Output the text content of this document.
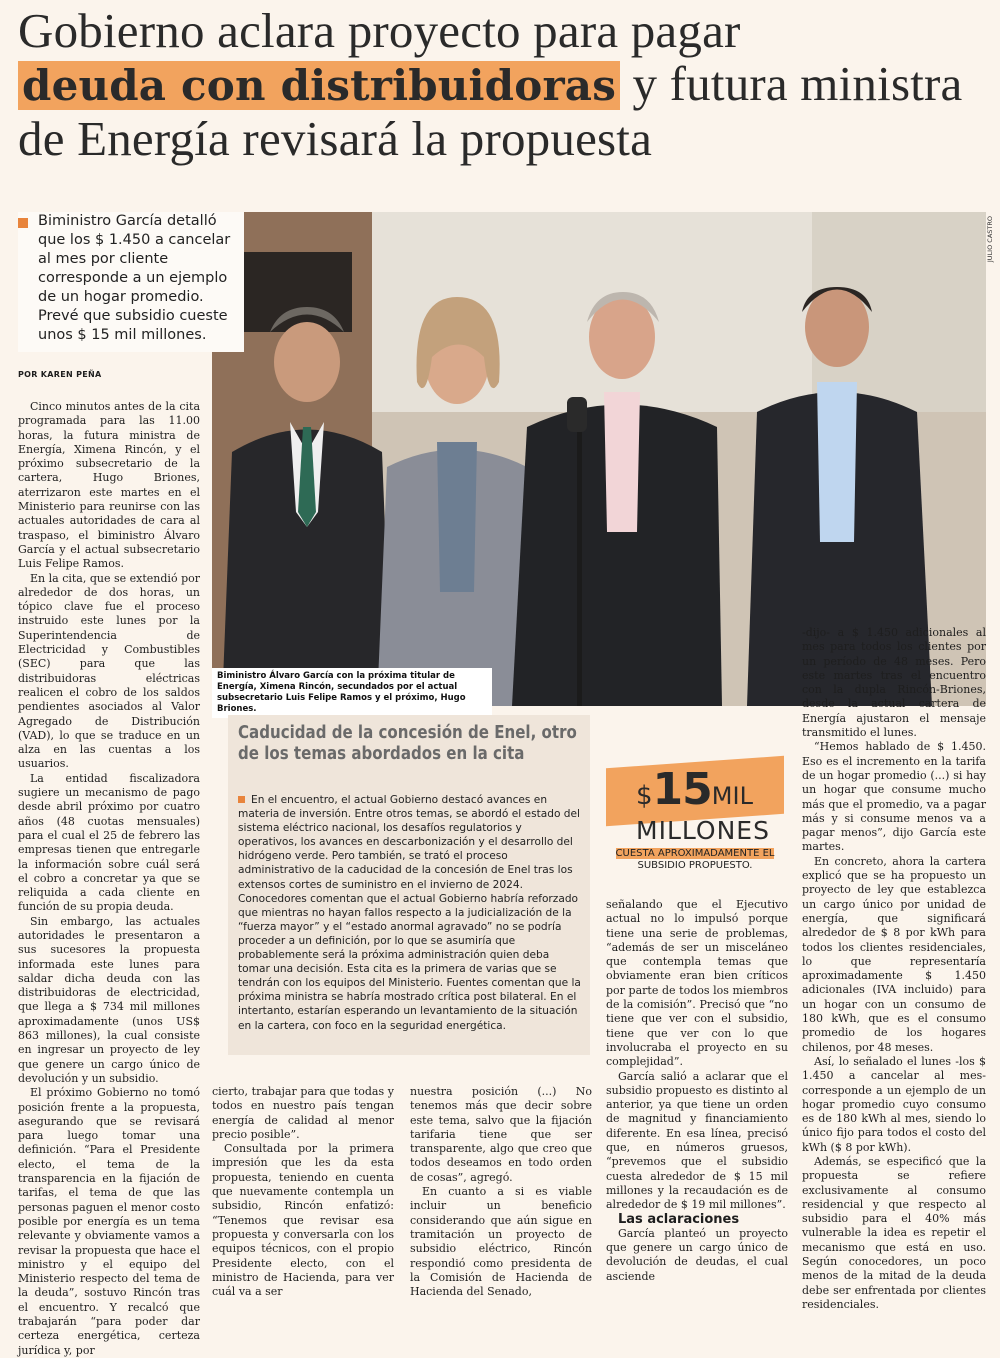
Gobierno aclara proyecto para pagar
deuda con distribuidoras y futura ministra de Energía revisará la propuesta
JULIO CASTRO
Biministro Álvaro García con la próxima titular de Energía, Ximena Rincón, secundados por el actual subsecretario Luis Felipe Ramos y el próximo, Hugo Briones.

Biministro García detalló que los $ 1.450 a cancelar al mes por cliente corresponde a un ejemplo de un hogar promedio. Prevé que subsidio cueste unos $ 15 mil millones.

POR KAREN PEÑA

Cinco minutos antes de la cita programada para las 11.00 horas, la futura ministra de Energía, Ximena Rincón, y el próximo subsecretario de la cartera, Hugo Briones, aterrizaron este martes en el Ministerio para reunirse con las actuales autoridades de cara al traspaso, el biministro Álvaro García y el actual subsecretario Luis Felipe Ramos.

En la cita, que se extendió por alrededor de dos horas, un tópico clave fue el proceso instruido este lunes por la Superintendencia de Electricidad y Combustibles (SEC) para que las distribuidoras eléctricas realicen el cobro de los saldos pendientes asociados al Valor Agregado de Distribución (VAD), lo que se traduce en un alza en las cuentas a los usuarios.

La entidad fiscalizadora sugiere un mecanismo de pago desde abril próximo por cuatro años (48 cuotas mensuales) para el cual el 25 de febrero las empresas tienen que entregarle la información sobre cuál será el cobro a concretar ya que se reliquida a cada cliente en función de su propia deuda.

Sin embargo, las actuales autoridades le presentaron a sus sucesores la propuesta informada este lunes para saldar dicha deuda con las distribuidoras de electricidad, que llega a $ 734 mil millones aproximadamente (unos US$ 863 millones), la cual consiste en ingresar un proyecto de ley que genere un cargo único de devolución y un subsidio.

El próximo Gobierno no tomó posición frente a la propuesta, asegurando que se revisará para luego tomar una definición. “Para el Presidente electo, el tema de la transparencia en la fijación de tarifas, el tema de que las personas paguen el menor costo posible por energía es un tema relevante y obviamente vamos a revisar la propuesta que hace el ministro y el equipo del Ministerio respecto del tema de la deuda”, sostuvo Rincón tras el encuentro. Y recalcó que trabajarán “para poder dar certeza energética, certeza jurídica y, por

Caducidad de la concesión de Enel, otro de los temas abordados en la cita
En el encuentro, el actual Gobierno destacó avances en materia de inversión. Entre otros temas, se abordó el estado del sistema eléctrico nacional, los desafíos regulatorios y operativos, los avances en descarbonización y el desarrollo del hidrógeno verde. Pero también, se trató el proceso administrativo de la caducidad de la concesión de Enel tras los extensos cortes de suministro en el invierno de 2024. Conocedores comentan que el actual Gobierno habría reforzado que mientras no hayan fallos respecto a la judicialización de la “fuerza mayor” y el “estado anormal agravado” no se podría proceder a un definición, por lo que se asumiría que probablemente será la próxima administración quien deba tomar una decisión. Esta cita es la primera de varias que se tendrán con los equipos del Ministerio. Fuentes comentan que la próxima ministra se habría mostrado crítica post bilateral. En el intertanto, estarían esperando un levantamiento de la situación en la cartera, con foco en la seguridad energética.
$15MIL
MILLONES
CUESTA APROXIMADAMENTE EL
SUBSIDIO PROPUESTO.

cierto, trabajar para que todas y todos en nuestro país tengan energía de calidad al menor precio posible”.

Consultada por la primera impresión que les da esta propuesta, teniendo en cuenta que nuevamente contempla un subsidio, Rincón enfatizó: “Tenemos que revisar esa propuesta y conversarla con los equipos técnicos, con el propio Presidente electo, con el ministro de Hacienda, para ver cuál va a ser

nuestra posición (...) No tenemos más que decir sobre este tema, salvo que la fijación tarifaria tiene que ser transparente, algo que creo que todos deseamos en todo orden de cosas”, agregó.

En cuanto a si es viable incluir un beneficio considerando que aún sigue en tramitación un proyecto de subsidio eléctrico, Rincón respondió como presidenta de la Comisión de Hacienda de Hacienda del Senado,

señalando que el Ejecutivo actual no lo impulsó porque tiene una serie de problemas, “además de ser un misceláneo que contempla temas que obviamente eran bien críticos por parte de todos los miembros de la comisión”. Precisó que “no tiene que ver con el subsidio, tiene que ver con lo que involucraba el proyecto en su complejidad”.

García salió a aclarar que el subsidio propuesto es distinto al anterior, ya que tiene un orden de magnitud y financiamiento diferente. En esa línea, precisó que, en números gruesos, “prevemos que el subsidio cuesta alrededor de $ 15 mil millones y la recaudación es de alrededor de $ 19 mil millones”.

Las aclaraciones

García planteó un proyecto que genere un cargo único de devolución de deudas, el cual asciende

-dijo- a $ 1.450 adicionales al mes para todos los clientes por un período de 48 meses. Pero este martes tras el encuentro con la dupla Rincón-Briones, desde la actual cartera de Energía ajustaron el mensaje transmitido el lunes.

“Hemos hablado de $ 1.450. Eso es el incremento en la tarifa de un hogar promedio (...) si hay un hogar que consume mucho más que el promedio, va a pagar más y si consume menos va a pagar menos”, dijo García este martes.

En concreto, ahora la cartera explicó que se ha propuesto un proyecto de ley que establezca un cargo único por unidad de energía, que significará alrededor de $ 8 por kWh para todos los clientes residenciales, lo que representaría aproximadamente $ 1.450 adicionales (IVA incluido) para un hogar con un consumo de 180 kWh, que es el consumo promedio de los hogares chilenos, por 48 meses.

Así, lo señalado el lunes -los $ 1.450 a cancelar al mes- corresponde a un ejemplo de un hogar promedio cuyo consumo es de 180 kWh al mes, siendo lo único fijo para todos el costo del kWh ($ 8 por kWh).

Además, se especificó que la propuesta se refiere exclusivamente al consumo residencial y que respecto al subsidio para el 40% más vulnerable la idea es repetir el mecanismo que está en uso. Según conocedores, un poco menos de la mitad de la deuda debe ser enfrentada por clientes residenciales.
